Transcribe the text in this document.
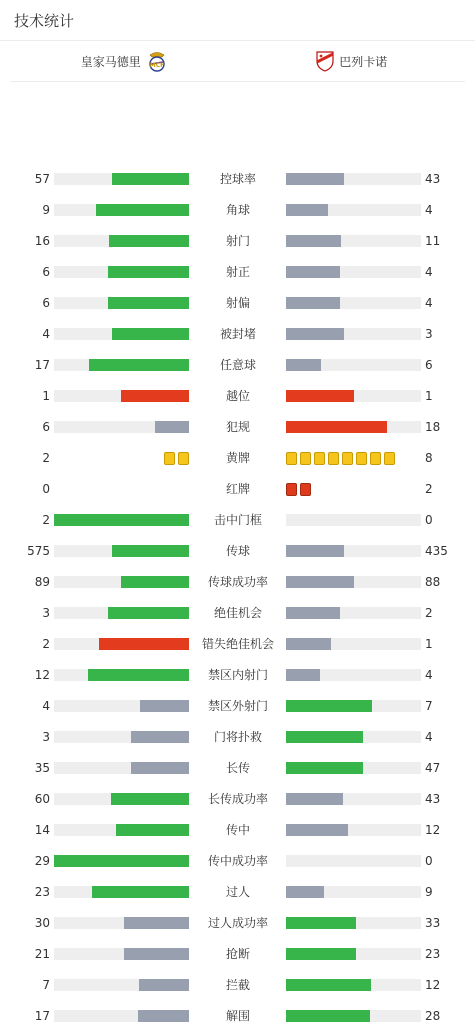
技术统计
皇家马德里 MCF	巴列卡诺
57	控球率	43
9	角球	4
16	射门	11
6	射正	4
6	射偏	4
4	被封堵	3
17	任意球	6
1	越位	1
6	犯规	18
2	黄牌	8
0	红牌	2
2	击中门框	0
575	传球	435
89	传球成功率	88
3	绝佳机会	2
2	错失绝佳机会	1
12	禁区内射门	4
4	禁区外射门	7
3	门将扑救	4
35	长传	47
60	长传成功率	43
14	传中	12
29	传中成功率	0
23	过人	9
30	过人成功率	33
21	抢断	23
7	拦截	12
17	解围	28
